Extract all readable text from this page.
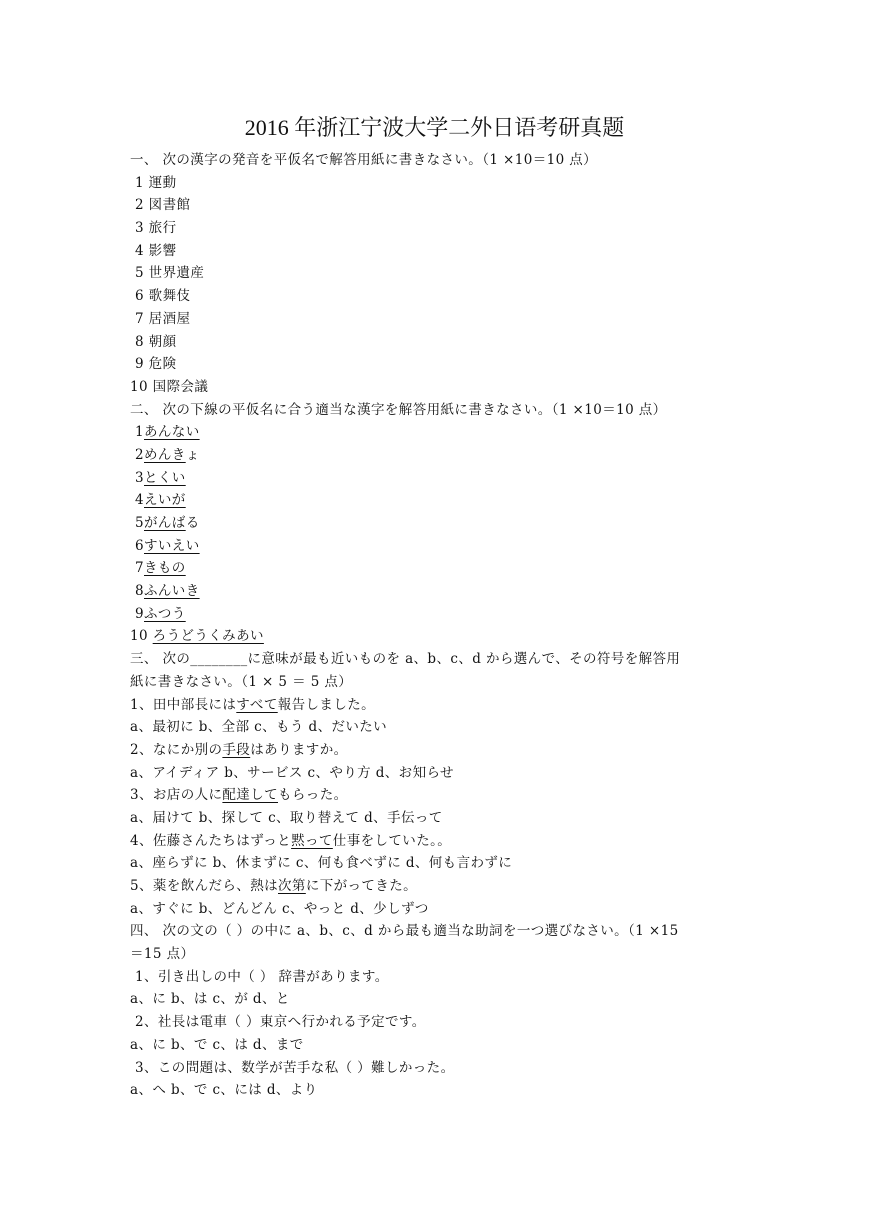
2016 年浙江宁波大学二外日语考研真题
一、 次の漢字の発音を平仮名で解答用紙に書きなさい。（1 ×10＝10 点）
1 運動
2 図書館
3 旅行
4 影響
5 世界遺産
6 歌舞伎
7 居酒屋
8 朝顔
9 危険
10 国際会議
二、 次の下線の平仮名に合う適当な漢字を解答用紙に書きなさい。（1 ×10＝10 点）
1あんない
2めんきょ
3とくい
4えいが
5がんばる
6すいえい
7きもの
8ふんいき
9ふつう
10 ろうどうくみあい
三、 次の________に意味が最も近いものを a、b、c、d から選んで、その符号を解答用
紙に書きなさい。（1 × 5 ＝ 5 点）
1、田中部長にはすべて報告しました。
a、最初に b、全部 c、もう d、だいたい
2、なにか別の手段はありますか。
a、アイディア b、サービス c、やり方 d、お知らせ
3、お店の人に配達してもらった。
a、届けて b、探して c、取り替えて d、手伝って
4、佐藤さんたちはずっと黙って仕事をしていた。。
a、座らずに b、休まずに c、何も食べずに d、何も言わずに
5、薬を飲んだら、熱は次第に下がってきた。
a、すぐに b、どんどん c、やっと d、少しずつ
四、 次の文の（ ）の中に a、b、c、d から最も適当な助詞を一つ選びなさい。（1 ×15
＝15 点）
1、引き出しの中（ ） 辞書があります。
a、に b、は c、が d、と
2、社長は電車（ ）東京へ行かれる予定です。
a、に b、で c、は d、まで
3、この問題は、数学が苦手な私（ ）難しかった。
a、へ b、で c、には d、より
